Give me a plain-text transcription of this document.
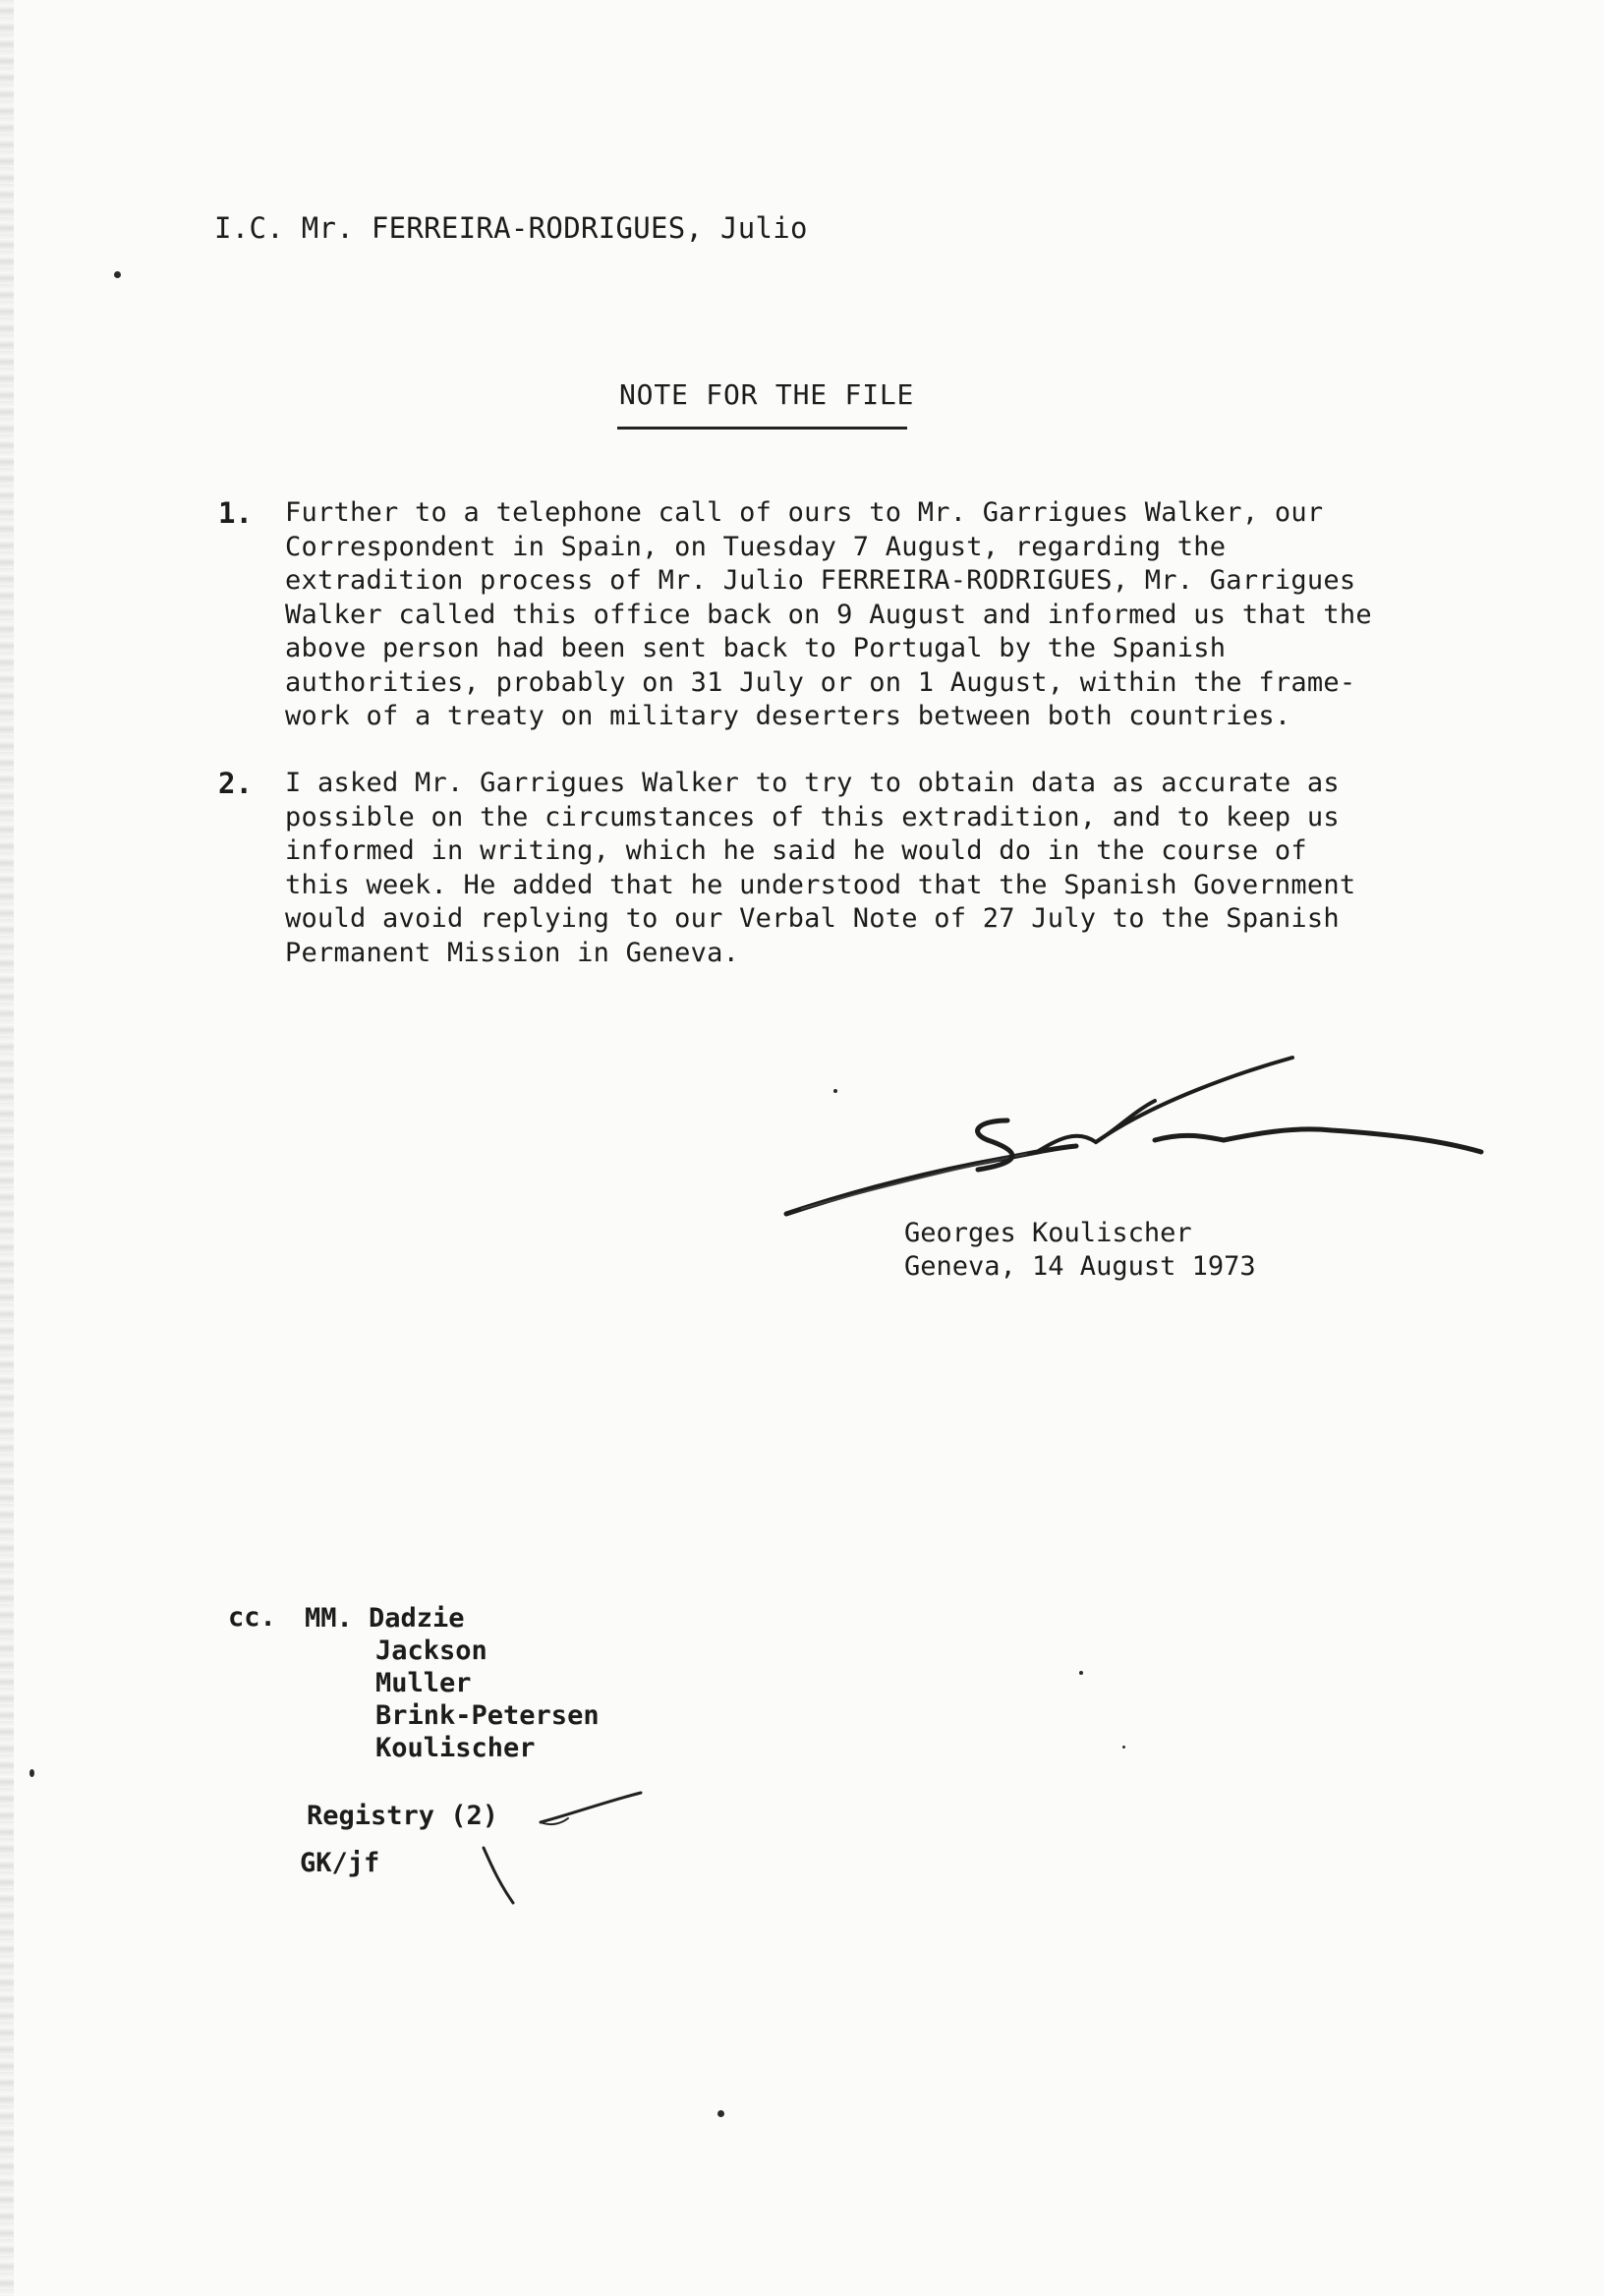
I.C. Mr. FERREIRA-RODRIGUES, Julio
NOTE FOR THE FILE
1. Further to a telephone call of ours to Mr. Garrigues Walker, our
Correspondent in Spain, on Tuesday 7 August, regarding the
extradition process of Mr. Julio FERREIRA-RODRIGUES, Mr. Garrigues
Walker called this office back on 9 August and informed us that the
above person had been sent back to Portugal by the Spanish
authorities, probably on 31 July or on 1 August, within the frame-
work of a treaty on military deserters between both countries.
2. I asked Mr. Garrigues Walker to try to obtain data as accurate as
possible on the circumstances of this extradition, and to keep us
informed in writing, which he said he would do in the course of
this week. He added that he understood that the Spanish Government
would avoid replying to our Verbal Note of 27 July to the Spanish
Permanent Mission in Geneva.
Georges Koulischer
Geneva, 14 August 1973
cc. MM. Dadzie
Jackson
Muller
Brink-Petersen
Koulischer
Registry (2)
GK/jf
